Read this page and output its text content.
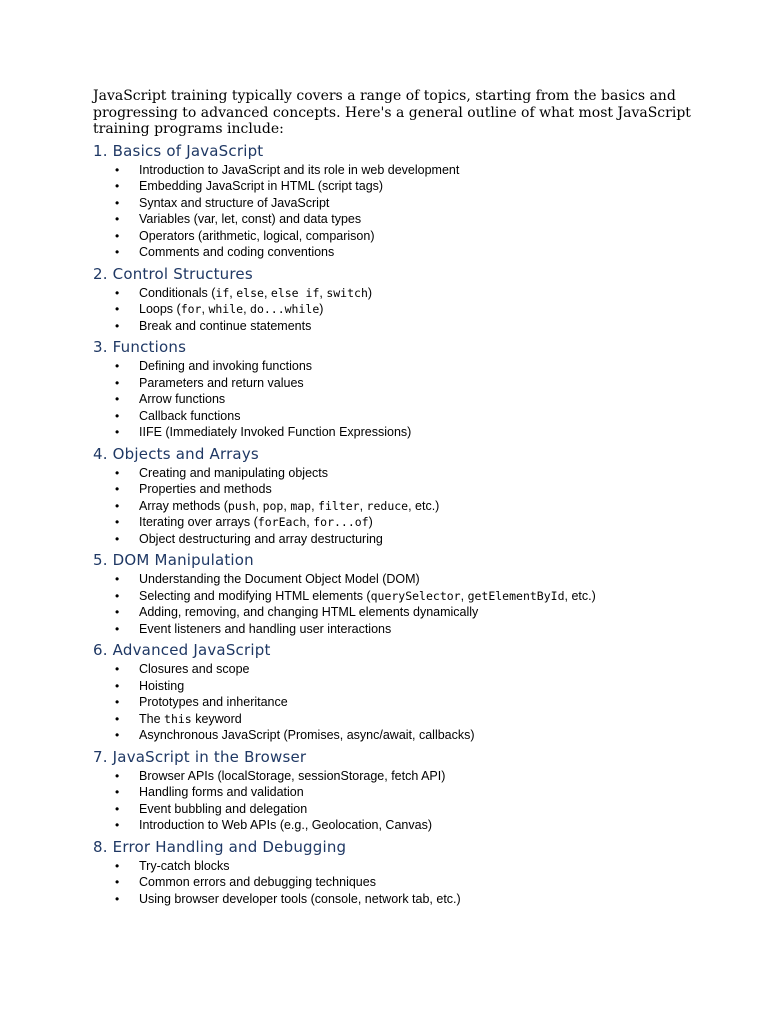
JavaScript training typically covers a range of topics, starting from the basics and progressing to advanced concepts. Here's a general outline of what most JavaScript training programs include:

1. Basics of JavaScript
• Introduction to JavaScript and its role in web development
• Embedding JavaScript in HTML (script tags)
• Syntax and structure of JavaScript
• Variables (var, let, const) and data types
• Operators (arithmetic, logical, comparison)
• Comments and coding conventions
2. Control Structures
• Conditionals (if, else, else if, switch)
• Loops (for, while, do...while)
• Break and continue statements
3. Functions
• Defining and invoking functions
• Parameters and return values
• Arrow functions
• Callback functions
• IIFE (Immediately Invoked Function Expressions)
4. Objects and Arrays
• Creating and manipulating objects
• Properties and methods
• Array methods (push, pop, map, filter, reduce, etc.)
• Iterating over arrays (forEach, for...of)
• Object destructuring and array destructuring
5. DOM Manipulation
• Understanding the Document Object Model (DOM)
• Selecting and modifying HTML elements (querySelector, getElementById, etc.)
• Adding, removing, and changing HTML elements dynamically
• Event listeners and handling user interactions
6. Advanced JavaScript
• Closures and scope
• Hoisting
• Prototypes and inheritance
• The this keyword
• Asynchronous JavaScript (Promises, async/await, callbacks)
7. JavaScript in the Browser
• Browser APIs (localStorage, sessionStorage, fetch API)
• Handling forms and validation
• Event bubbling and delegation
• Introduction to Web APIs (e.g., Geolocation, Canvas)
8. Error Handling and Debugging
• Try-catch blocks
• Common errors and debugging techniques
• Using browser developer tools (console, network tab, etc.)
